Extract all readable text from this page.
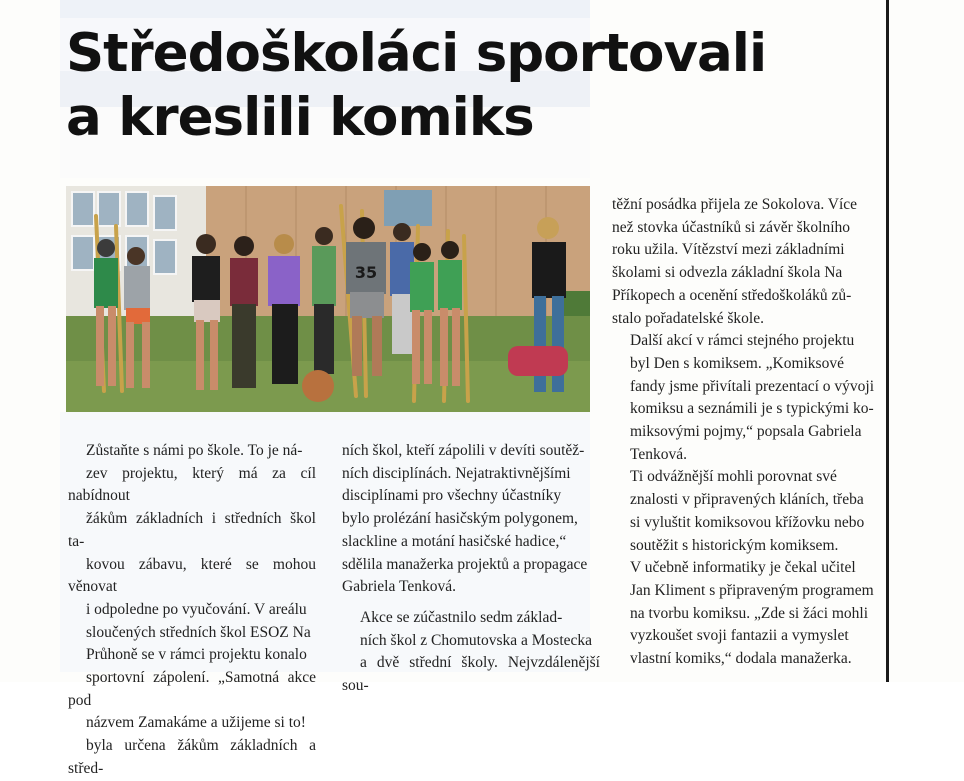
Středoškoláci sportovali
a kreslili komiks
35

Zůstaňte s námi po škole. To je ná-
zev projektu, který má za cíl nabídnout
žákům základních i středních škol ta-
kovou zábavu, které se mohou věnovat
i odpoledne po vyučování. V areálu
sloučených středních škol ESOZ Na
Průhoně se v rámci projektu konalo
sportovní zápolení. „Samotná akce pod
názvem Zamakáme a užijeme si to!
byla určena žákům základních a střed-

ních škol, kteří zápolili v devíti soutěž-
ních disciplínách. Nejatraktivnějšími
disciplínami pro všechny účastníky
bylo prolézání hasičským polygonem,
slackline a motání hasičské hadice,“
sdělila manažerka projektů a propagace
Gabriela Tenková.

Akce se zúčastnilo sedm základ-
ních škol z Chomutovska a Mostecka
a dvě střední školy. Nejvzdálenější sou-

těžní posádka přijela ze Sokolova. Více
než stovka účastníků si závěr školního
roku užila. Vítězství mezi základními
školami si odvezla základní škola Na
Příkopech a ocenění středoškoláků zů-
stalo pořadatelské škole.

Další akcí v rámci stejného projektu
byl Den s komiksem. „Komiksové
fandy jsme přivítali prezentací o vývoji
komiksu a seznámili je s typickými ko-
miksovými pojmy,“ popsala Gabriela
Tenková.

Ti odvážnější mohli porovnat své
znalosti v připravených kláních, třeba
si vyluštit komiksovou křížovku nebo
soutěžit s historickým komiksem.
V učebně informatiky je čekal učitel
Jan Kliment s připraveným programem
na tvorbu komiksu. „Zde si žáci mohli
vyzkoušet svoji fantazii a vymyslet
vlastní komiks,“ dodala manažerka.
